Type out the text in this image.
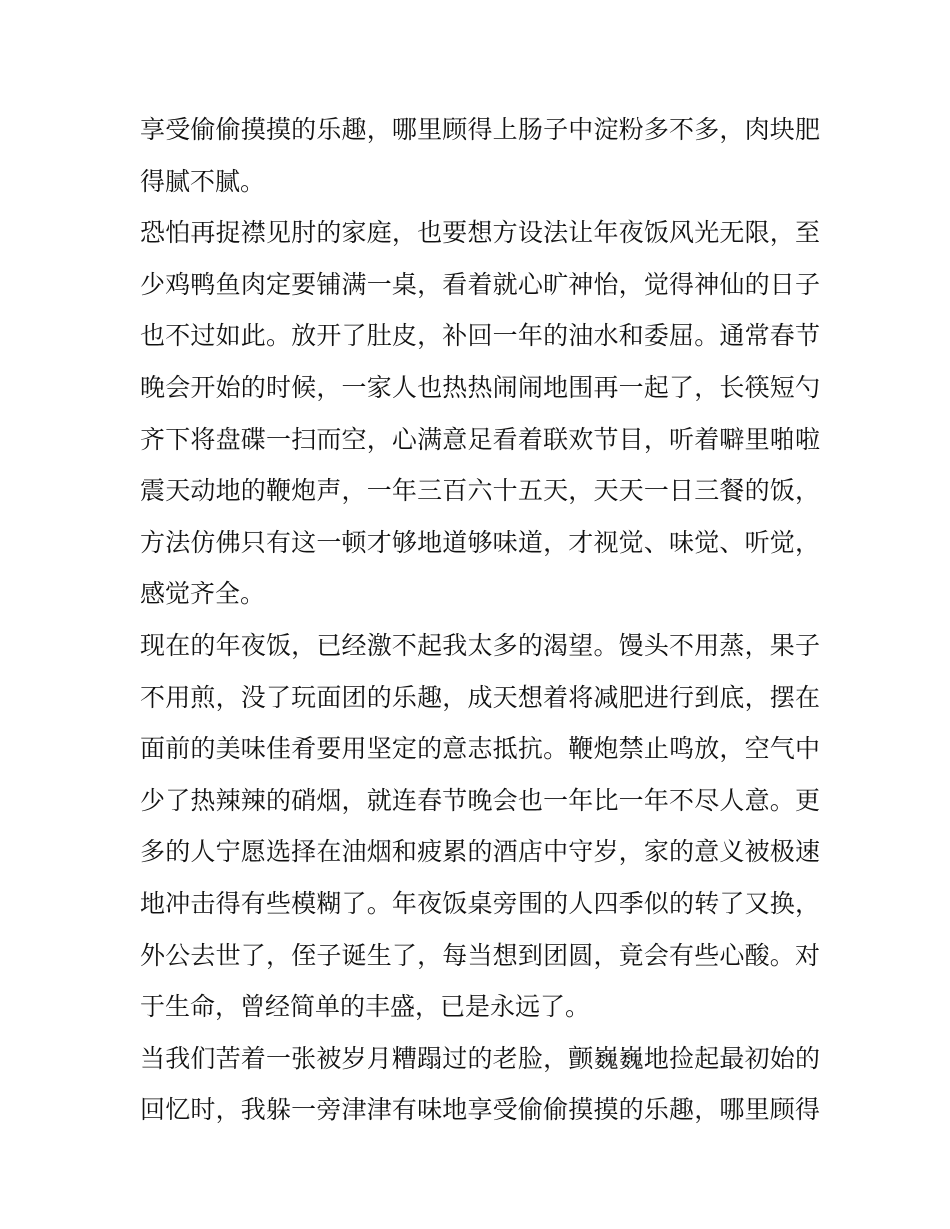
享受偷偷摸摸的乐趣，哪里顾得上肠子中淀粉多不多，肉块肥
得腻不腻。
恐怕再捉襟见肘的家庭，也要想方设法让年夜饭风光无限，至
少鸡鸭鱼肉定要铺满一桌，看着就心旷神怡，觉得神仙的日子
也不过如此。放开了肚皮，补回一年的油水和委屈。通常春节
晚会开始的时候，一家人也热热闹闹地围再一起了，长筷短勺
齐下将盘碟一扫而空，心满意足看着联欢节目，听着噼里啪啦
震天动地的鞭炮声，一年三百六十五天，天天一日三餐的饭，
方法仿佛只有这一顿才够地道够味道，才视觉、味觉、听觉，
感觉齐全。
现在的年夜饭，已经激不起我太多的渴望。馒头不用蒸，果子
不用煎，没了玩面团的乐趣，成天想着将减肥进行到底，摆在
面前的美味佳肴要用坚定的意志抵抗。鞭炮禁止鸣放，空气中
少了热辣辣的硝烟，就连春节晚会也一年比一年不尽人意。更
多的人宁愿选择在油烟和疲累的酒店中守岁，家的意义被极速
地冲击得有些模糊了。年夜饭桌旁围的人四季似的转了又换，
外公去世了，侄子诞生了，每当想到团圆，竟会有些心酸。对
于生命，曾经简单的丰盛，已是永远了。
当我们苦着一张被岁月糟蹋过的老脸，颤巍巍地捡起最初始的
回忆时，我躲一旁津津有味地享受偷偷摸摸的乐趣，哪里顾得
